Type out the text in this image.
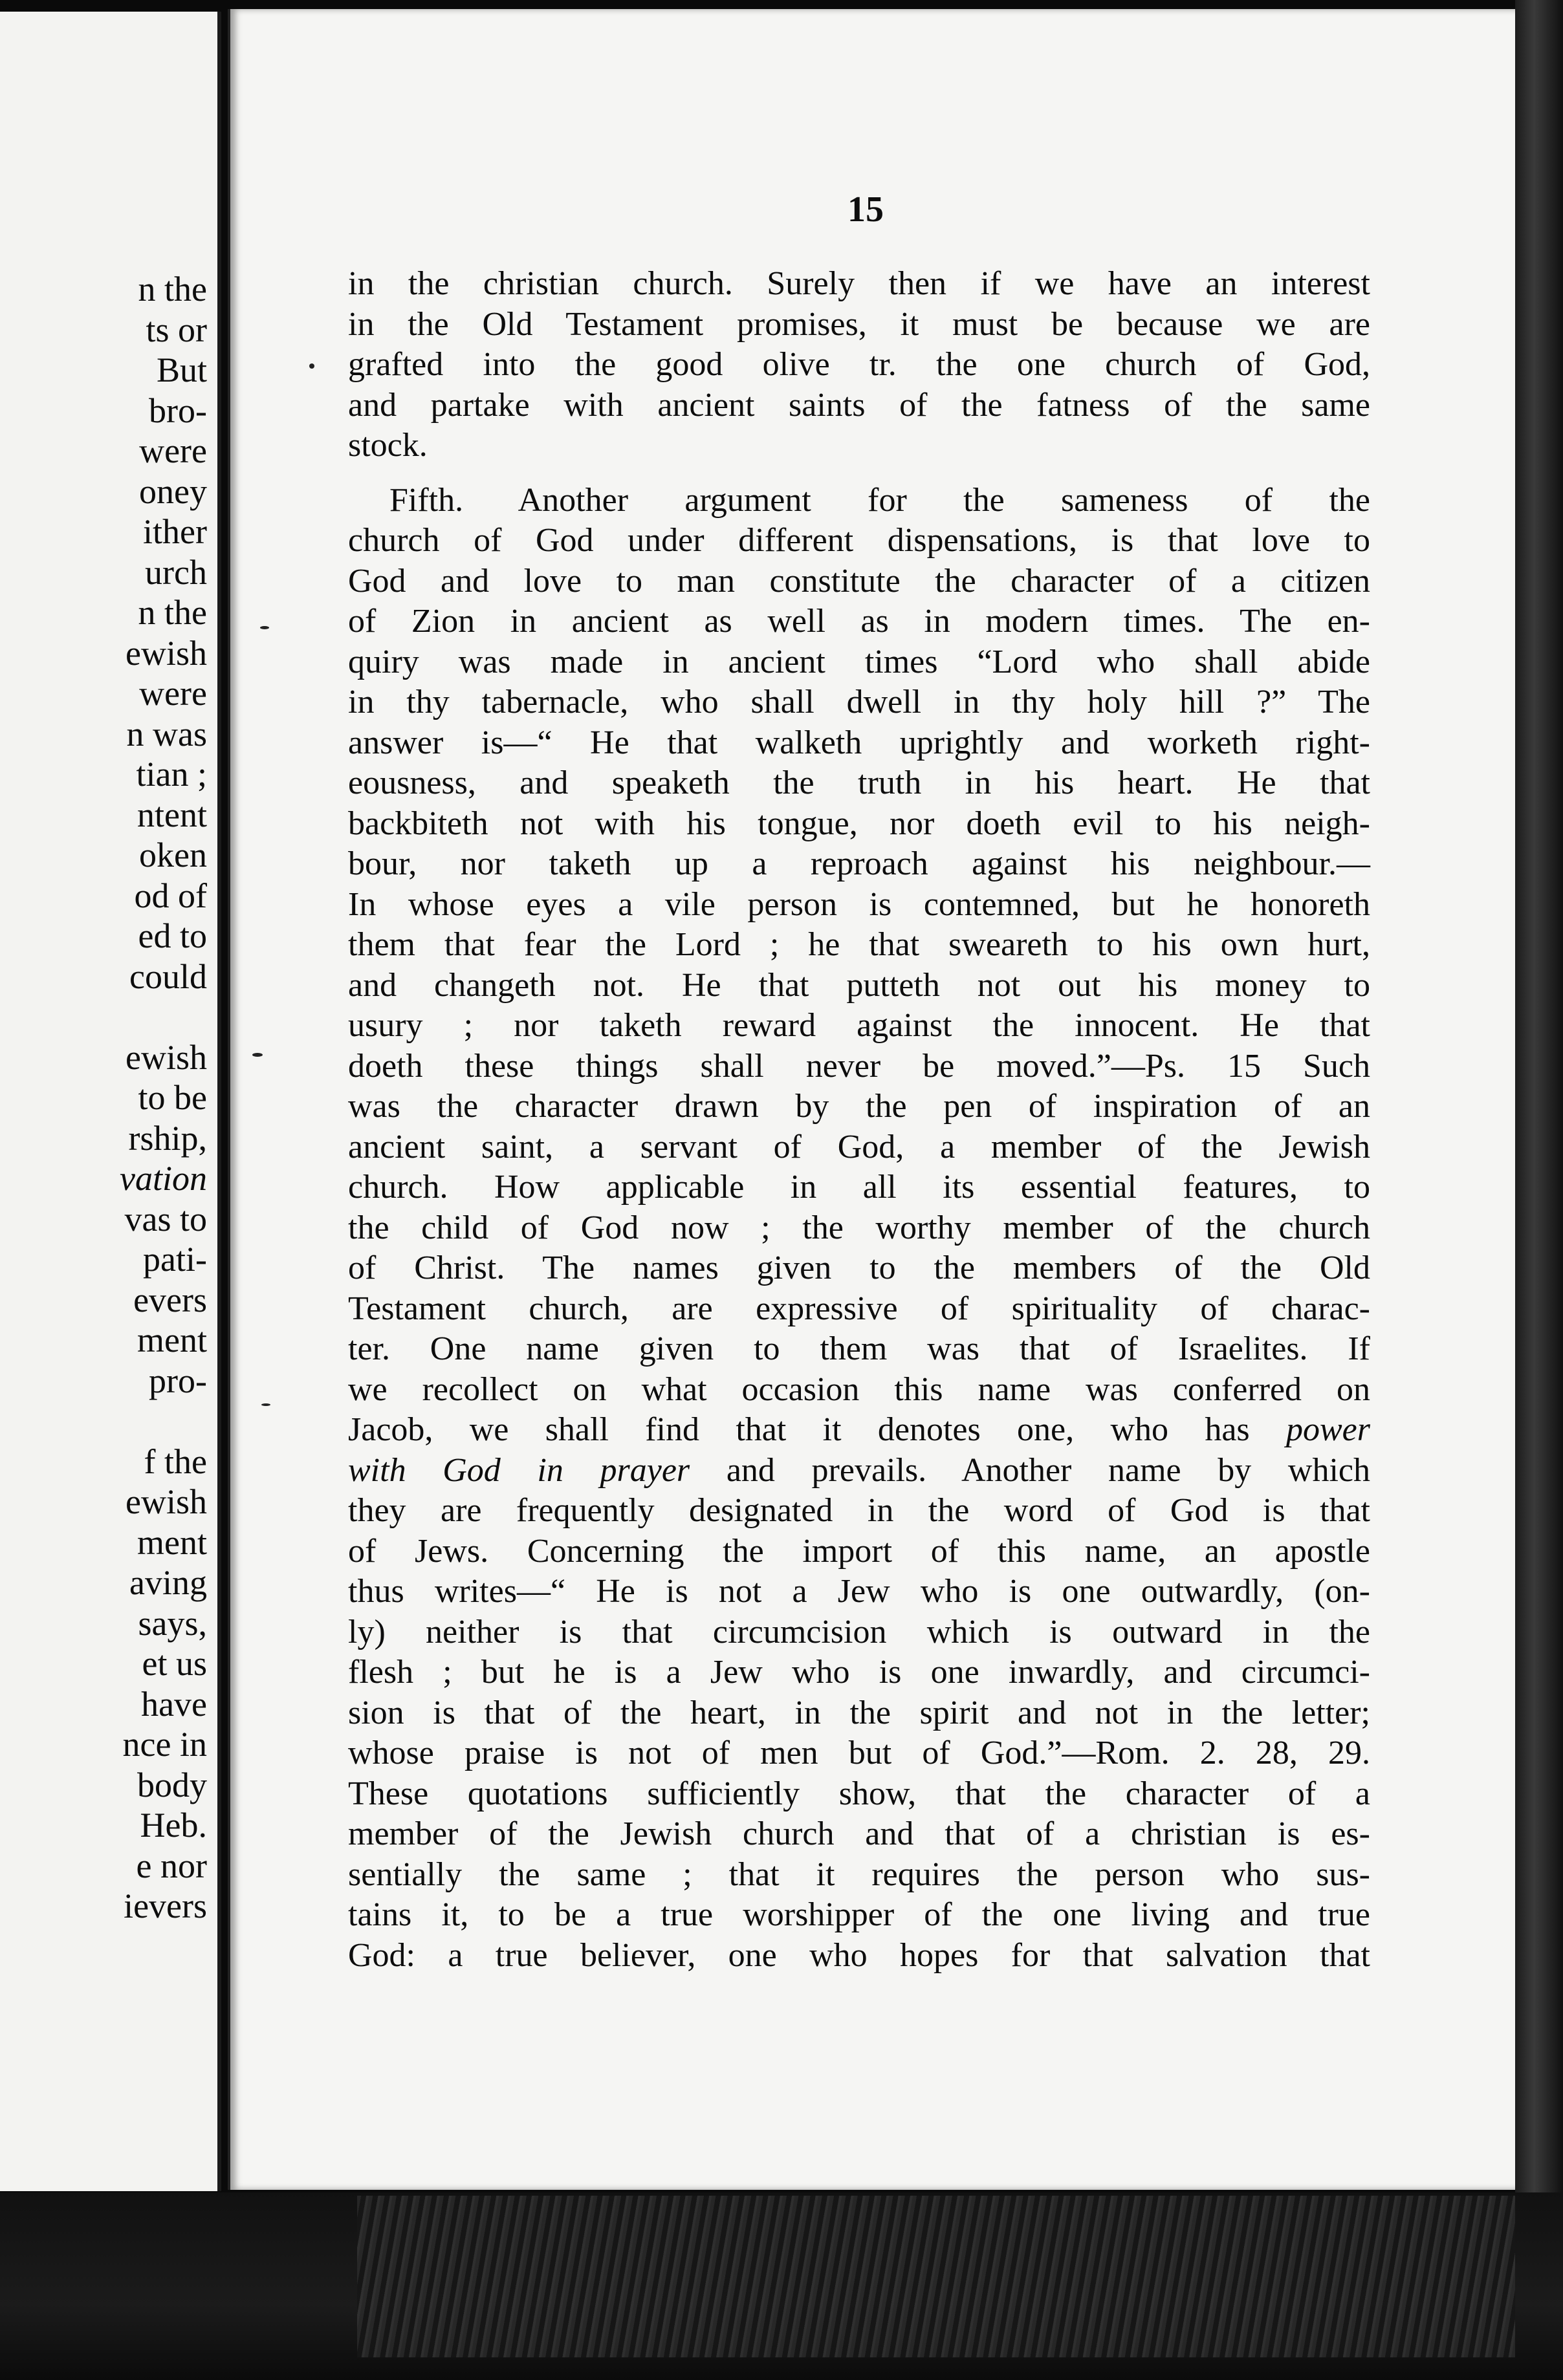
n the
ts or
But
bro-
were
oney
ither
urch
n the
ewish
were
n was
tian ;
ntent
oken
od of
ed to
could
ewish
to be
rship,
vation
vas to
pati-
evers
ment
pro-
f the
ewish
ment
aving
says,
et us
have
nce in
body
Heb.
e nor
ievers
15
in the christian church. Surely then if we have an interest
in the Old Testament promises, it must be because we are
grafted into the good olive tr. the one church of God,
and partake with ancient saints of the fatness of the same
stock.
Fifth. Another argument for the sameness of the
church of God under different dispensations, is that love to
God and love to man constitute the character of a citizen
of Zion in ancient as well as in modern times. The en-
quiry was made in ancient times “Lord who shall abide
in thy tabernacle, who shall dwell in thy holy hill ?” The
answer is—“ He that walketh uprightly and worketh right-
eousness, and speaketh the truth in his heart. He that
backbiteth not with his tongue, nor doeth evil to his neigh-
bour, nor taketh up a reproach against his neighbour.—
In whose eyes a vile person is contemned, but he honoreth
them that fear the Lord ; he that sweareth to his own hurt,
and changeth not. He that putteth not out his money to
usury ; nor taketh reward against the innocent. He that
doeth these things shall never be moved.”—Ps. 15 Such
was the character drawn by the pen of inspiration of an
ancient saint, a servant of God, a member of the Jewish
church. How applicable in all its essential features, to
the child of God now ; the worthy member of the church
of Christ. The names given to the members of the Old
Testament church, are expressive of spirituality of charac-
ter. One name given to them was that of Israelites. If
we recollect on what occasion this name was conferred on
Jacob, we shall find that it denotes one, who has power
with God in prayer and prevails. Another name by which
they are frequently designated in the word of God is that
of Jews. Concerning the import of this name, an apostle
thus writes—“ He is not a Jew who is one outwardly, (on-
ly) neither is that circumcision which is outward in the
flesh ; but he is a Jew who is one inwardly, and circumci-
sion is that of the heart, in the spirit and not in the letter;
whose praise is not of men but of God.”—Rom. 2. 28, 29.
These quotations sufficiently show, that the character of a
member of the Jewish church and that of a christian is es-
sentially the same ; that it requires the person who sus-
tains it, to be a true worshipper of the one living and true
God: a true believer, one who hopes for that salvation that
